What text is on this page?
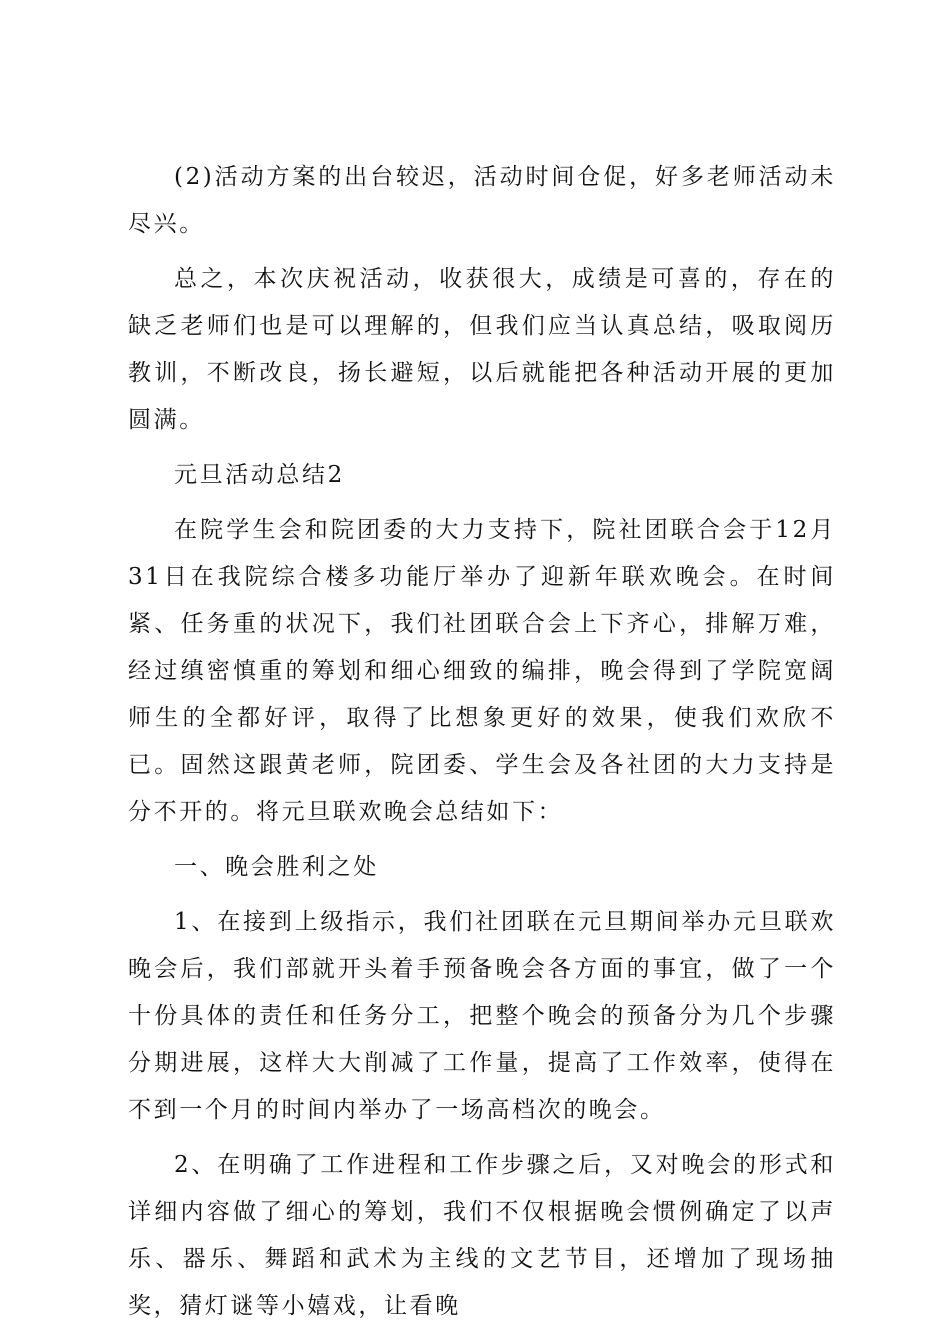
(2)活动方案的出台较迟，活动时间仓促，好多老师活动未尽兴。

总之，本次庆祝活动，收获很大，成绩是可喜的，存在的缺乏老师们也是可以理解的，但我们应当认真总结，吸取阅历教训，不断改良，扬长避短，以后就能把各种活动开展的更加圆满。

元旦活动总结2

在院学生会和院团委的大力支持下，院社团联合会于12月31日在我院综合楼多功能厅举办了迎新年联欢晚会。在时间紧、任务重的状况下，我们社团联合会上下齐心，排解万难，经过缜密慎重的筹划和细心细致的编排，晚会得到了学院宽阔师生的全都好评，取得了比想象更好的效果，使我们欢欣不已。固然这跟黄老师，院团委、学生会及各社团的大力支持是分不开的。将元旦联欢晚会总结如下：

一、晚会胜利之处

1、在接到上级指示，我们社团联在元旦期间举办元旦联欢晚会后，我们部就开头着手预备晚会各方面的事宜，做了一个十份具体的责任和任务分工，把整个晚会的预备分为几个步骤分期进展，这样大大削减了工作量，提高了工作效率，使得在不到一个月的时间内举办了一场高档次的晚会。

2、在明确了工作进程和工作步骤之后，又对晚会的形式和详细内容做了细心的筹划，我们不仅根据晚会惯例确定了以声乐、器乐、舞蹈和武术为主线的文艺节目，还增加了现场抽奖，猜灯谜等小嬉戏，让看晚
